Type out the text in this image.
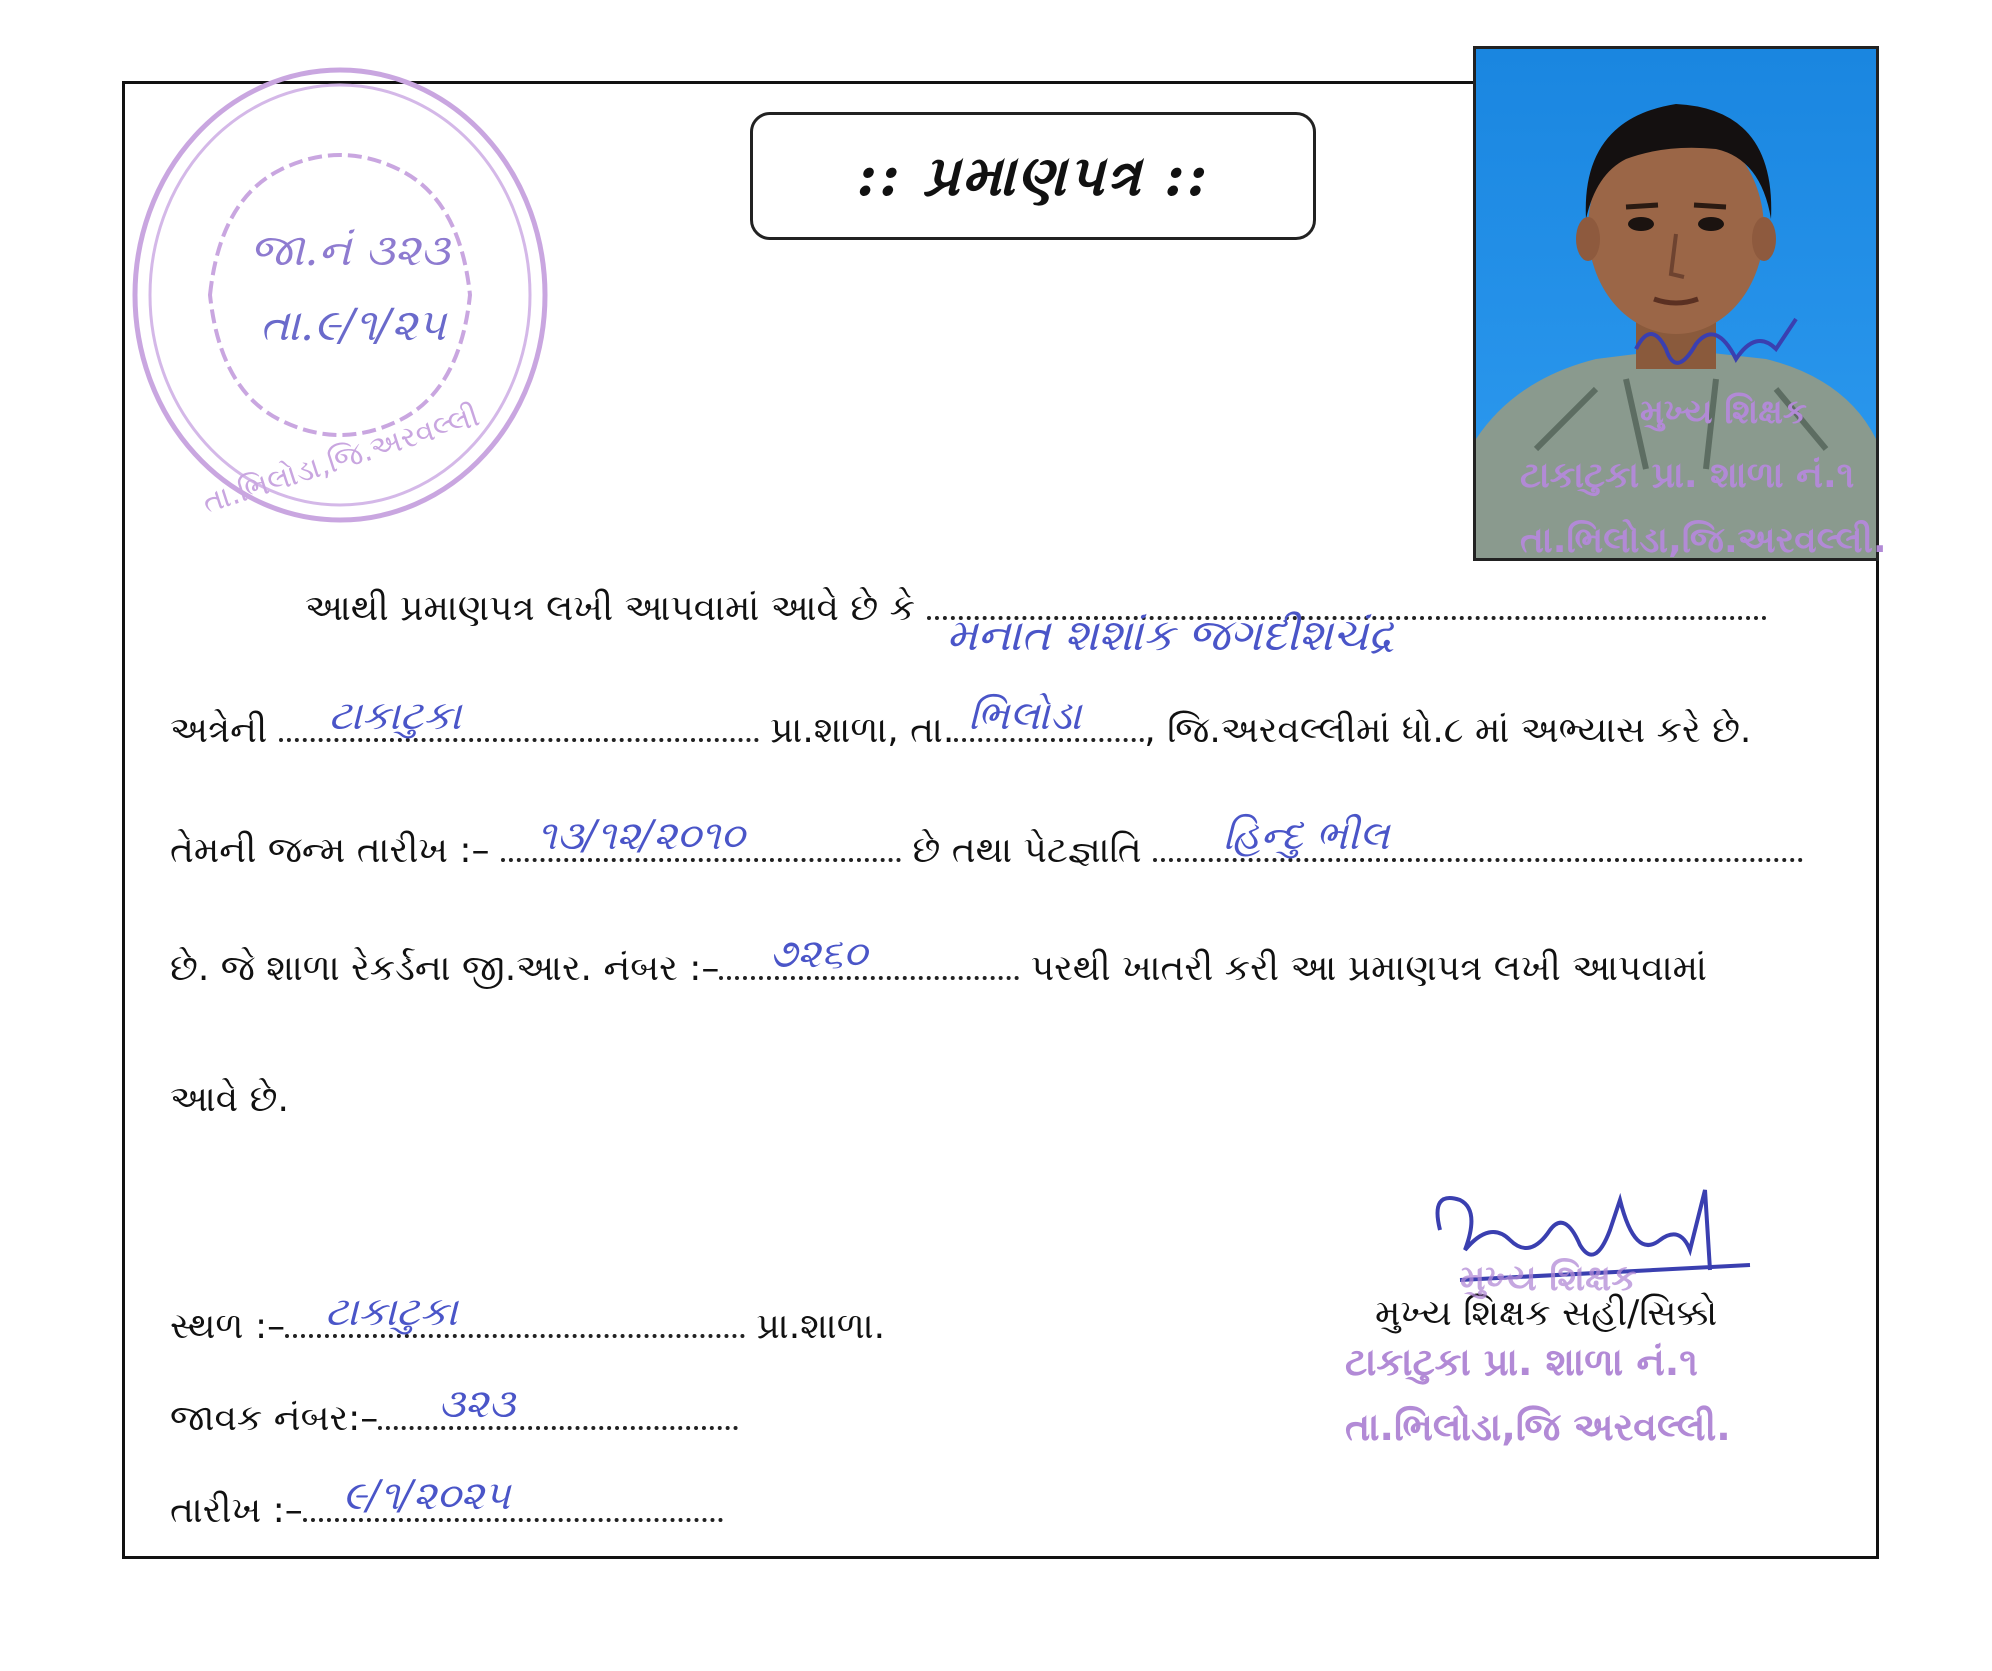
જા.નં ૩૨૩
તા.૯/૧/૨૫
તા.ભિલોડા,જિ.અરવલ્લી
:: પ્રમાણપત્ર ::
મુખ્ય શિક્ષક
ટાકાટુકા પ્રા. શાળા નં.૧
તા.ભિલોડા,જિ.અરવલ્લી.
આથી પ્રમાણપત્ર લખી આપવામાં આવે છે કે
મનાત શશાંક જગદીશચંદ્ર
અત્રેની ટાકાટુકા	પ્રા.શાળા, તા. ભિલોડા , જિ.અરવલ્લીમાં ધો.૮ માં અભ્યાસ કરે છે.
તેમની જન્મ તારીખ :– ૧૩/૧૨/૨૦૧૦	છે તથા પેટજ્ઞાતિ હિન્દુ ભીલ
છે. જે શાળા રેકર્ડના જી.આર. નંબર :– ૭૨૬૦	પરથી ખાતરી કરી આ પ્રમાણપત્ર લખી આપવામાં
આવે છે.
સ્થળ :– ટાકાટુકા	પ્રા.શાળા.
જાવક નંબર:– ૩૨૩
તારીખ :– ૯/૧/૨૦૨૫
મુખ્ય શિક્ષક સહી/સિક્કો
મુખ્ય શિક્ષક
ટાકાટુકા પ્રા. શાળા નં.૧
તા.ભિલોડા,જિ અરવલ્લી.
